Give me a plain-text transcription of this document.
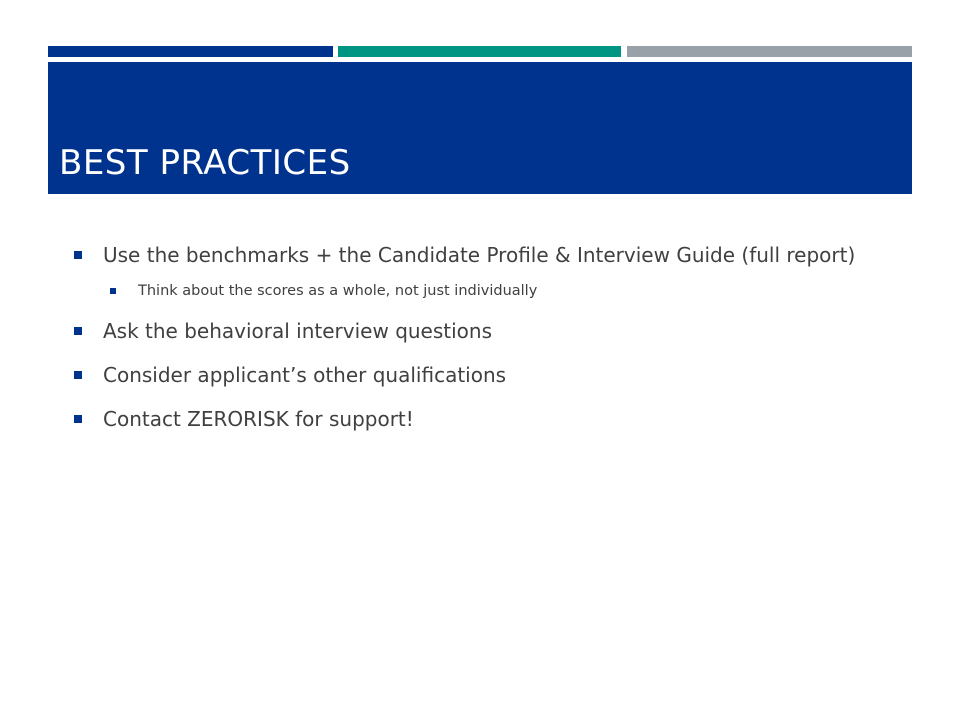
BEST PRACTICES
Use the benchmarks + the Candidate Profile & Interview Guide (full report)
Think about the scores as a whole, not just individually
Ask the behavioral interview questions
Consider applicant’s other qualifications
Contact ZERORISK for support!
